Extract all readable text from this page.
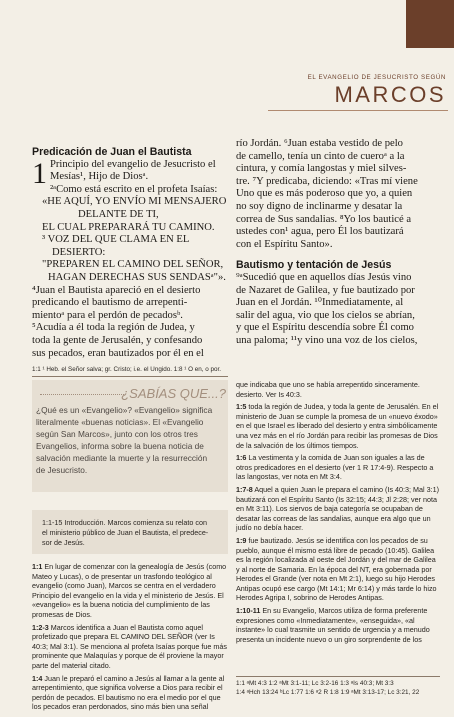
EL EVANGELIO DE JESUCRISTO SEGÚN
MARCOS

Predicación de Juan el Bautista

1 Principio del evangelio de Jesucristo el

Mesías¹, Hijo de Diosᵃ.

²ᵃComo está escrito en el profeta Isaías:

«HE AQUÍ, YO ENVÍO MI MENSAJERO

DELANTE DE TI,

EL CUAL PREPARARÁ TU CAMINO.

³ VOZ DEL QUE CLAMA EN EL

DESIERTO:

"PREPAREN EL CAMINO DEL SEÑOR,

HAGAN DERECHAS SUS SENDASᵃ"».

⁴Juan el Bautista apareció en el desierto

predicando el bautismo de arrepenti-

mientoᵃ para el perdón de pecadosᵇ.

⁵Acudía a él toda la región de Judea, y

toda la gente de Jerusalén, y confesando

sus pecados, eran bautizados por él en el

río Jordán. ⁶Juan estaba vestido de pelo

de camello, tenía un cinto de cueroᵃ a la

cintura, y comía langostas y miel silves-

tre. ⁷Y predicaba, diciendo: «Tras mí viene

Uno que es más poderoso que yo, a quien

no soy digno de inclinarme y desatar la

correa de Sus sandalias. ⁸Yo los bauticé a

ustedes con¹ agua, pero Él los bautizará

con el Espíritu Santo».

Bautismo y tentación de Jesús

⁹ᵃSucedió que en aquellos días Jesús vino

de Nazaret de Galilea, y fue bautizado por

Juan en el Jordán. ¹⁰Inmediatamente, al

salir del agua, vio que los cielos se abrían,

y que el Espíritu descendía sobre Él como

una paloma; ¹¹y vino una voz de los cielos,

1:1 ¹ Heb. el Señor salva; gr. Cristo; i.e. el Ungido. 1:8 ¹ O en, o por.
¿SABÍAS QUE...?
¿Qué es un «Evangelio»? «Evangelio» significa
literalmente «buenas noticias». El «Evangelio
según San Marcos», junto con los otros tres
Evangelios, informa sobre la buena noticia de
salvación mediante la muerte y la resurrección
de Jesucristo.
1:1-15 Introducción. Marcos comienza su relato con
el ministerio público de Juan el Bautista, el predece-
sor de Jesús.

1:1 En lugar de comenzar con la genealogía de Jesús (como Mateo y Lucas), o de presentar un trasfondo teológico al evangelio (como Juan), Marcos se centra en el verdadero Principio del evangelio en la vida y el ministerio de Jesús. El «evangelio» es la buena noticia del cumplimiento de las promesas de Dios.

1:2-3 Marcos identifica a Juan el Bautista como aquel profetizado que prepara EL CAMINO DEL SEÑOR (ver Is 40:3; Mal 3:1). Se menciona al profeta Isaías porque fue más prominente que Malaquías y porque de él proviene la mayor parte del material citado.

1:4 Juan le preparó el camino a Jesús al llamar a la gente al arrepentimiento, que significa volverse a Dios para recibir el perdón de pecados. El bautismo no era el medio por el que los pecados eran perdonados, sino más bien una señal

que indicaba que uno se había arrepentido sinceramente. desierto. Ver Is 40:3.

1:5 toda la región de Judea, y toda la gente de Jerusalén. En el ministerio de Juan se cumple la promesa de un «nuevo éxodo» en el que Israel es liberado del desierto y entra simbólicamente una vez más en el río Jordán para recibir las promesas de Dios de la salvación de los últimos tiempos.

1:6 La vestimenta y la comida de Juan son iguales a las de otros predicadores en el desierto (ver 1 R 17:4-9). Respecto a las langostas, ver nota en Mt 3:4.

1:7-8 Aquel a quien Juan le prepara el camino (Is 40:3; Mal 3:1) bautizará con el Espíritu Santo (Is 32:15; 44:3; Jl 2:28; ver nota en Mt 3:11). Los siervos de baja categoría se ocupaban de desatar las correas de las sandalias, aunque era algo que un judío no debía hacer.

1:9 fue bautizado. Jesús se identifica con los pecados de su pueblo, aunque él mismo está libre de pecado (10:45). Galilea es la región localizada al oeste del Jordán y del mar de Galilea y al norte de Samaria. En la época del NT, era gobernada por Herodes el Grande (ver nota en Mt 2:1), luego su hijo Herodes Antipas ocupó ese cargo (Mt 14:1; Mr 6:14) y más tarde lo hizo Herodes Agripa I, sobrino de Herodes Antipas.

1:10-11 En su Evangelio, Marcos utiliza de forma preferente expresiones como «Inmediatamente», «enseguida», «al instante» lo cual trasmite un sentido de urgencia y a menudo presenta un incidente nuevo o un giro sorprendente de los

1:1 ᵃMt 4:3 1:2 ᵃMt 3:1-11; Lc 3:2-16 1:3 ᵃIs 40:3; Mt 3:3
1:4 ᵃHch 13:24 ᵇLc 1:77 1:6 ᵃ2 R 1:8 1:9 ᵃMt 3:13-17; Lc 3:21, 22
